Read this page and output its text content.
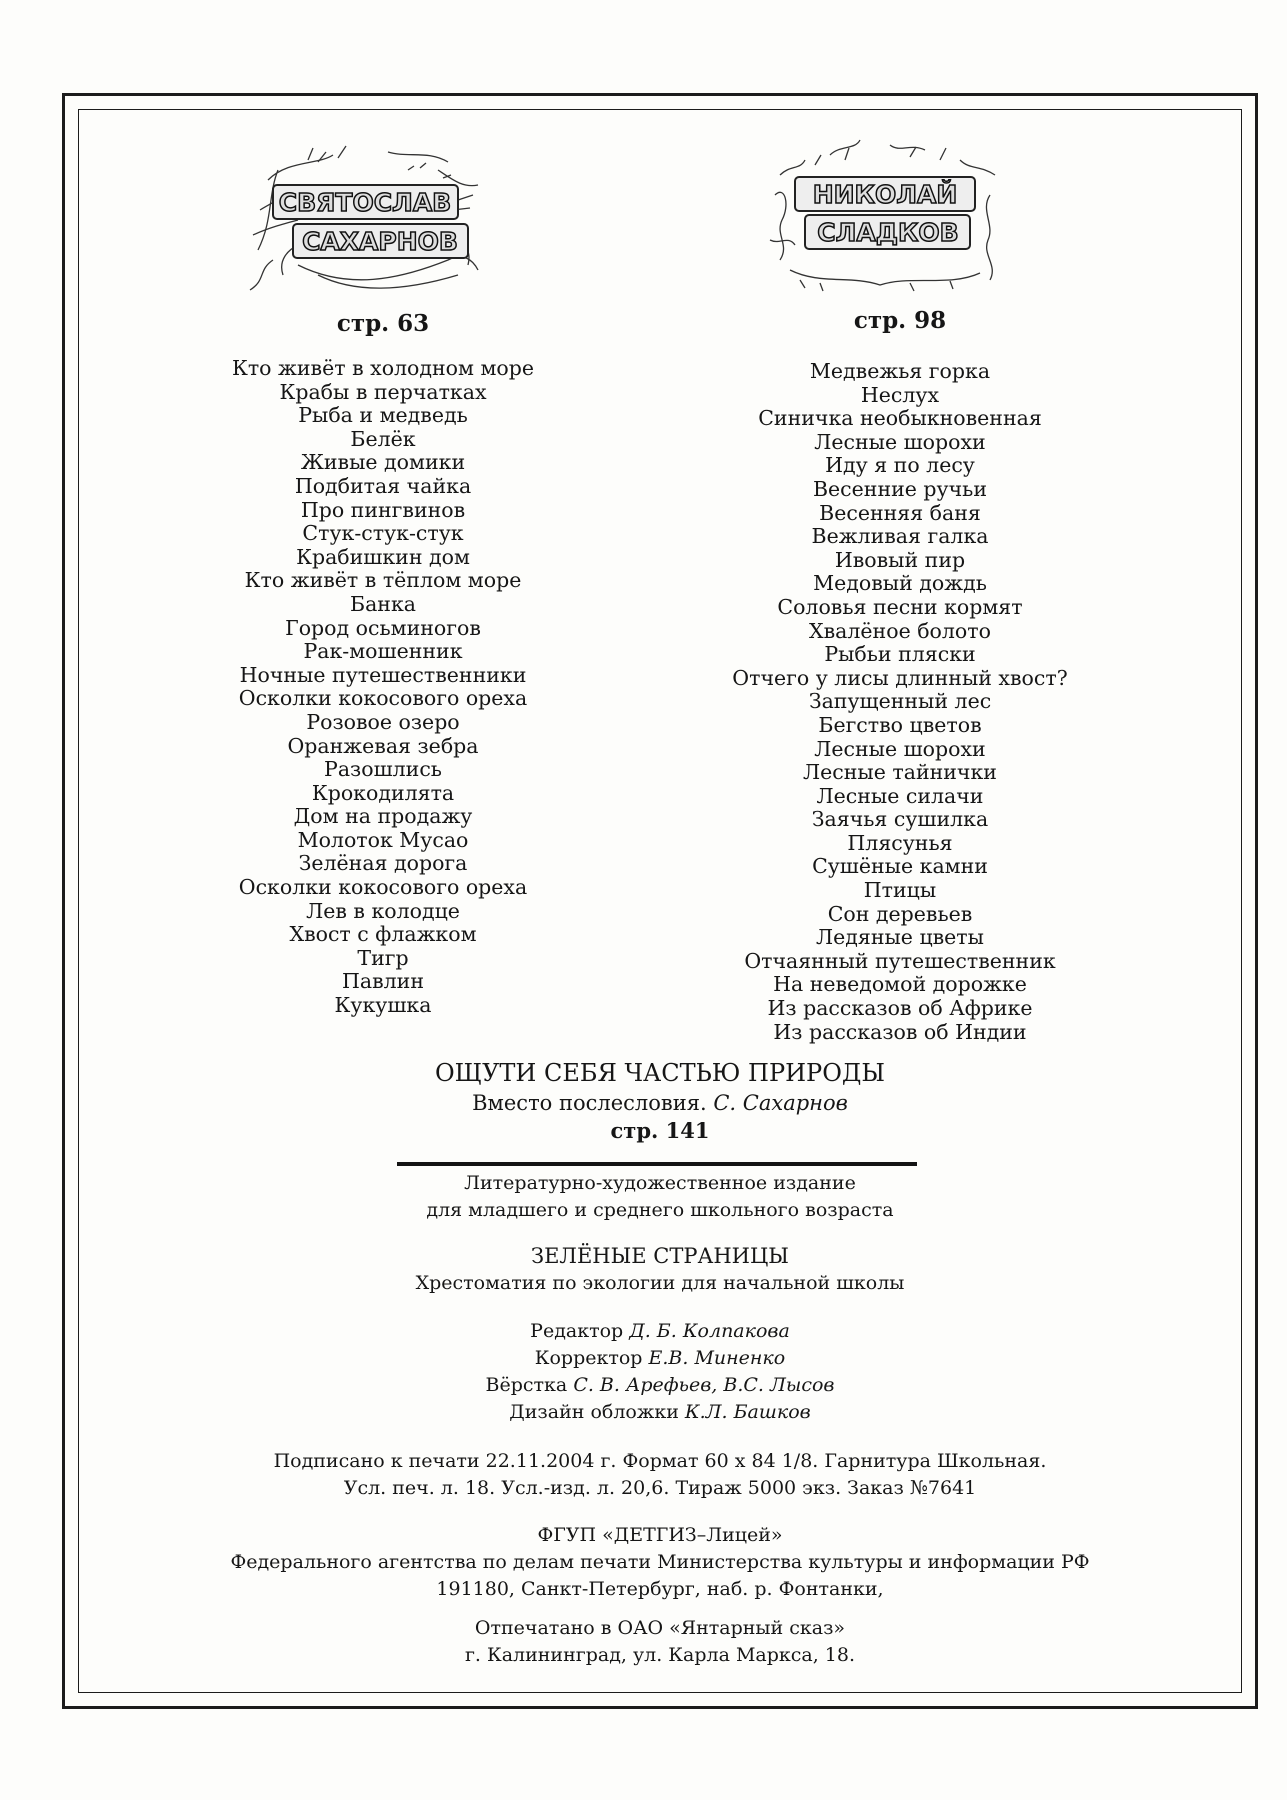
СВЯТОСЛАВ
САХАРНОВ
НИКОЛАЙ
СЛАДКОВ
стр. 63	стр. 98
Кто живёт в холодном море
Крабы в перчатках
Рыба и медведь
Белёк
Живые домики
Подбитая чайка
Про пингвинов
Стук-стук-стук
Крабишкин дом
Кто живёт в тёплом море
Банка
Город осьминогов
Рак-мошенник
Ночные путешественники
Осколки кокосового ореха
Розовое озеро
Оранжевая зебра
Разошлись
Крокодилята
Дом на продажу
Молоток Мусао
Зелёная дорога
Осколки кокосового ореха
Лев в колодце
Хвост с флажком
Тигр
Павлин
Кукушка
Медвежья горка
Неслух
Синичка необыкновенная
Лесные шорохи
Иду я по лесу
Весенние ручьи
Весенняя баня
Вежливая галка
Ивовый пир
Медовый дождь
Соловья песни кормят
Хвалёное болото
Рыбьи пляски
Отчего у лисы длинный хвост?
Запущенный лес
Бегство цветов
Лесные шорохи
Лесные тайнички
Лесные силачи
Заячья сушилка
Плясунья
Сушёные камни
Птицы
Сон деревьев
Ледяные цветы
Отчаянный путешественник
На неведомой дорожке
Из рассказов об Африке
Из рассказов об Индии
ОЩУТИ СЕБЯ ЧАСТЬЮ ПРИРОДЫ
Вместо послесловия. С. Сахарнов
стр. 141
Литературно-художественное издание
для младшего и среднего школьного возраста
ЗЕЛЁНЫЕ СТРАНИЦЫ
Хрестоматия по экологии для начальной школы
Редактор Д. Б. Колпакова
Корректор Е.В. Миненко
Вёрстка С. В. Арефьев, В.С. Лысов
Дизайн обложки К.Л. Башков
Подписано к печати 22.11.2004 г. Формат 60 х 84 1/8. Гарнитура Школьная.
Усл. печ. л. 18. Усл.-изд. л. 20,6. Тираж 5000 экз. Заказ №7641
ФГУП «ДЕТГИЗ–Лицей»
Федерального агентства по делам печати Министерства культуры и информации РФ
191180, Санкт-Петербург, наб. р. Фонтанки,
Отпечатано в ОАО «Янтарный сказ»
г. Калининград, ул. Карла Маркса, 18.
